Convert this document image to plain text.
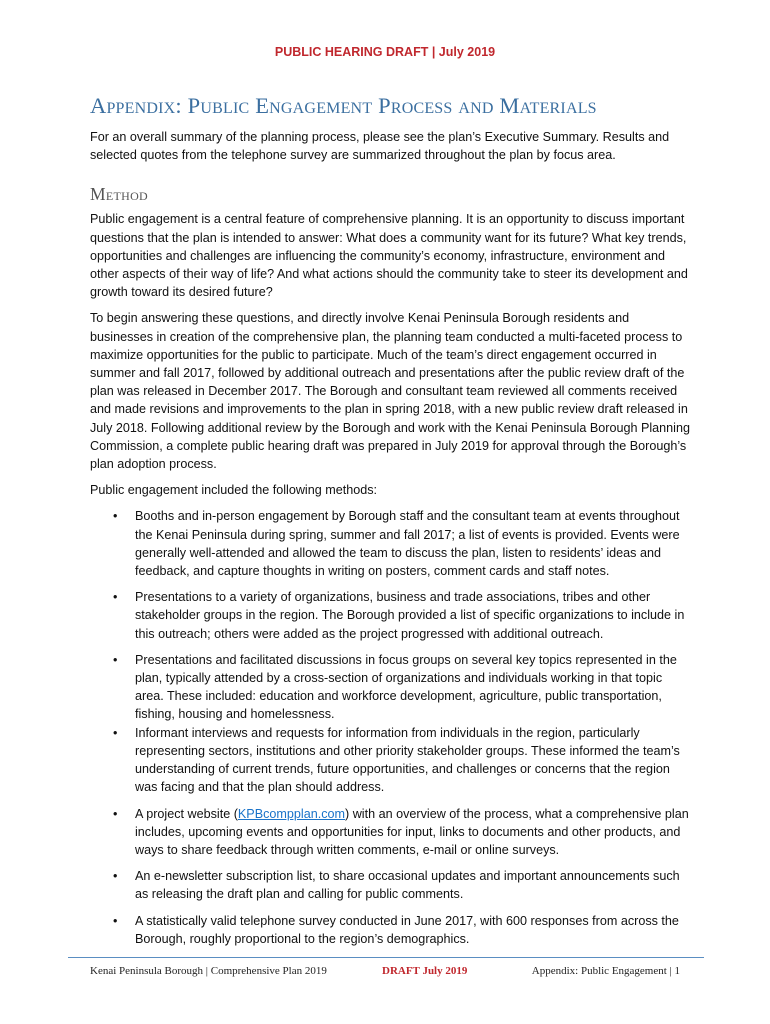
PUBLIC HEARING DRAFT | July 2019
Appendix: Public Engagement Process and Materials

For an overall summary of the planning process, please see the plan’s Executive Summary. Results and selected quotes from the telephone survey are summarized throughout the plan by focus area.

Method

Public engagement is a central feature of comprehensive planning. It is an opportunity to discuss important questions that the plan is intended to answer: What does a community want for its future? What key trends, opportunities and challenges are influencing the community’s economy, infrastructure, environment and other aspects of their way of life? And what actions should the community take to steer its development and growth toward its desired future?

To begin answering these questions, and directly involve Kenai Peninsula Borough residents and businesses in creation of the comprehensive plan, the planning team conducted a multi-faceted process to maximize opportunities for the public to participate. Much of the team’s direct engagement occurred in summer and fall 2017, followed by additional outreach and presentations after the public review draft of the plan was released in December 2017. The Borough and consultant team reviewed all comments received and made revisions and improvements to the plan in spring 2018, with a new public review draft released in July 2018. Following additional review by the Borough and work with the Kenai Peninsula Borough Planning Commission, a complete public hearing draft was prepared in July 2019 for approval through the Borough’s plan adoption process.

Public engagement included the following methods:

• Booths and in-person engagement by Borough staff and the consultant team at events throughout the Kenai Peninsula during spring, summer and fall 2017; a list of events is provided. Events were generally well-attended and allowed the team to discuss the plan, listen to residents’ ideas and feedback, and capture thoughts in writing on posters, comment cards and staff notes.
• Presentations to a variety of organizations, business and trade associations, tribes and other stakeholder groups in the region. The Borough provided a list of specific organizations to include in this outreach; others were added as the project progressed with additional outreach.
• Presentations and facilitated discussions in focus groups on several key topics represented in the plan, typically attended by a cross-section of organizations and individuals working in that topic area. These included: education and workforce development, agriculture, public transportation, fishing, housing and homelessness.
• Informant interviews and requests for information from individuals in the region, particularly representing sectors, institutions and other priority stakeholder groups. These informed the team’s understanding of current trends, future opportunities, and challenges or concerns that the region was facing and that the plan should address.
• A project website (KPBcompplan.com) with an overview of the process, what a comprehensive plan includes, upcoming events and opportunities for input, links to documents and other products, and ways to share feedback through written comments, e-mail or online surveys.
• An e-newsletter subscription list, to share occasional updates and important announcements such as releasing the draft plan and calling for public comments.
• A statistically valid telephone survey conducted in June 2017, with 600 responses from across the Borough, roughly proportional to the region’s demographics.
Kenai Peninsula Borough | Comprehensive Plan 2019	DRAFT July 2019	Appendix: Public Engagement | 1
